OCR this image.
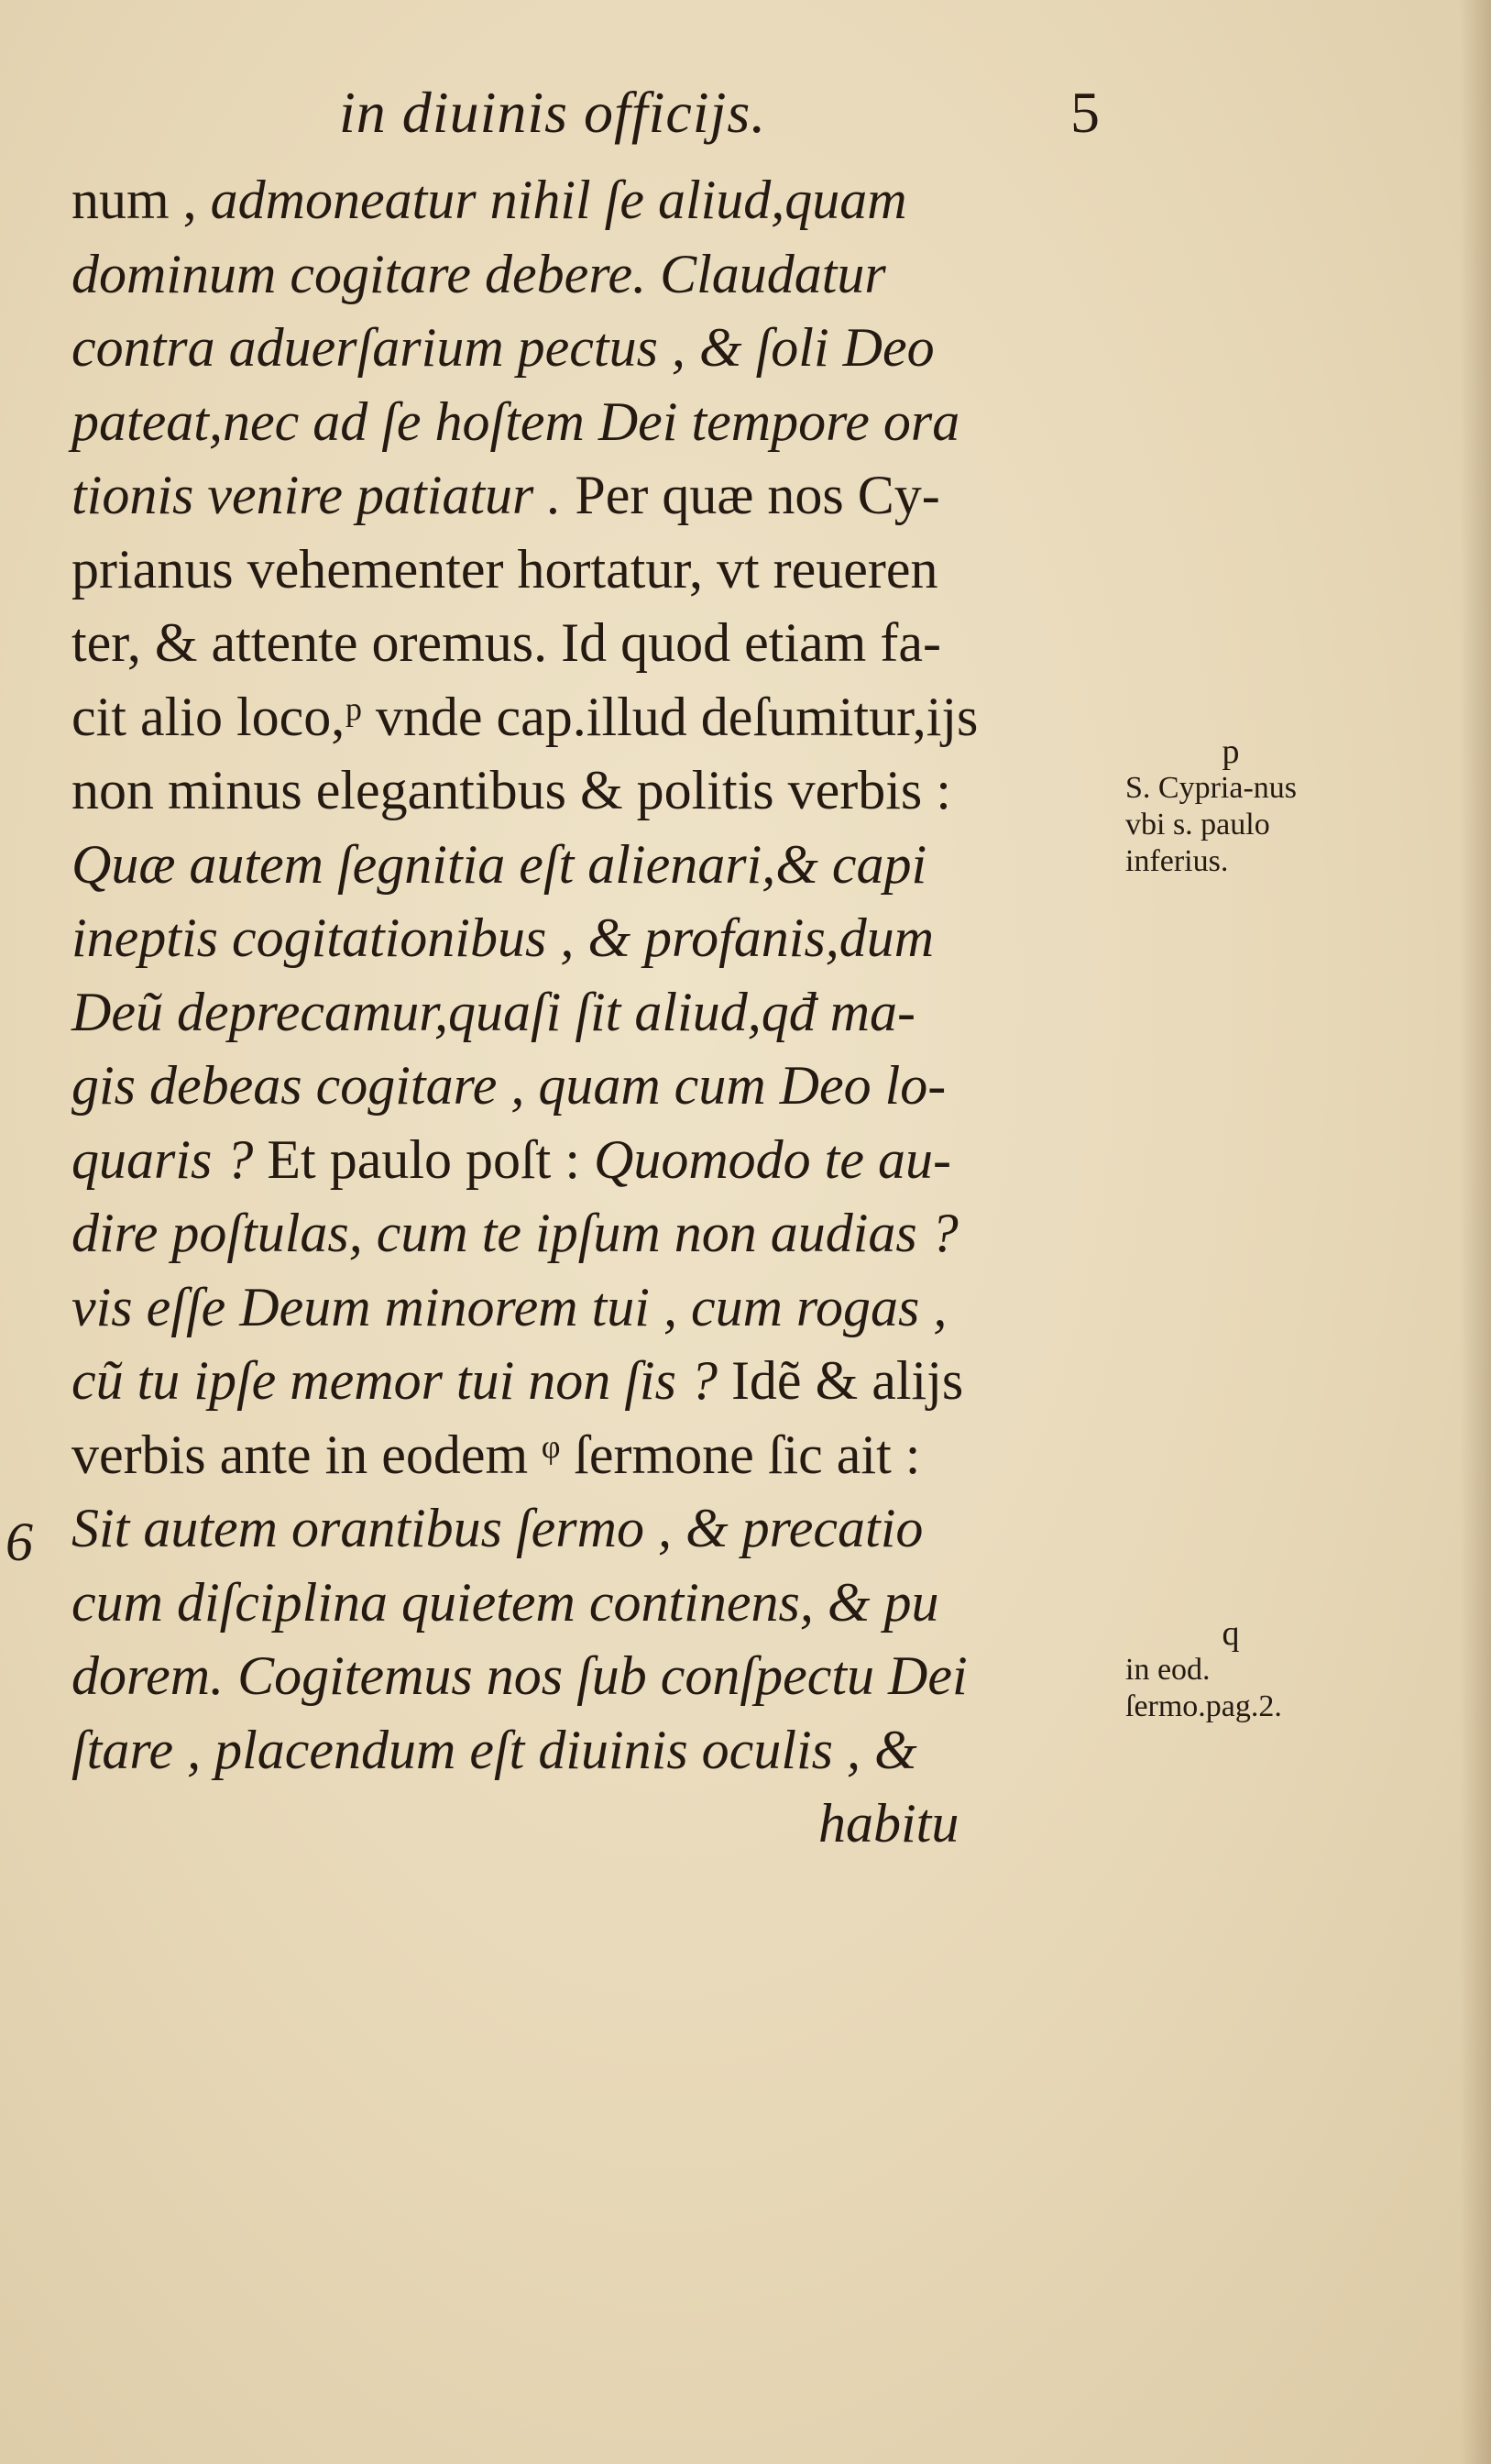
in diuinis officijs.	5
num , admoneatur nihil ſe aliud,quam
dominum cogitare debere. Claudatur
contra aduerſarium pectus , & ſoli Deo
pateat,nec ad ſe hoſtem Dei tempore ora
tionis venire patiatur . Per quæ nos Cy-
prianus vehementer hortatur, vt reueren
ter, & attente oremus. Id quod etiam fa-
cit alio loco,ᵖ vnde cap.illud deſumitur,ijs
non minus elegantibus & politis verbis :
Quæ autem ſegnitia eſt alienari,& capi
ineptis cogitationibus , & profanis,dum
Deũ deprecamur,quaſi ſit aliud,qđ ma-
gis debeas cogitare , quam cum Deo lo-
quaris ? Et paulo poſt : Quomodo te au-
dire poſtulas, cum te ipſum non audias ?
vis eſſe Deum minorem tui , cum rogas ,
cũ tu ipſe memor tui non ſis ? Idẽ & alijs
verbis ante in eodem ᵠ ſermone ſic ait :
Sit autem orantibus ſermo , & precatio
cum diſciplina quietem continens, & pu
dorem. Cogitemus nos ſub conſpectu Dei
ſtare , placendum eſt diuinis oculis , &
habitu
p
S. Cypria-nus vbi s. paulo inferius.
q
in eod. ſermo.pag.2.
6
